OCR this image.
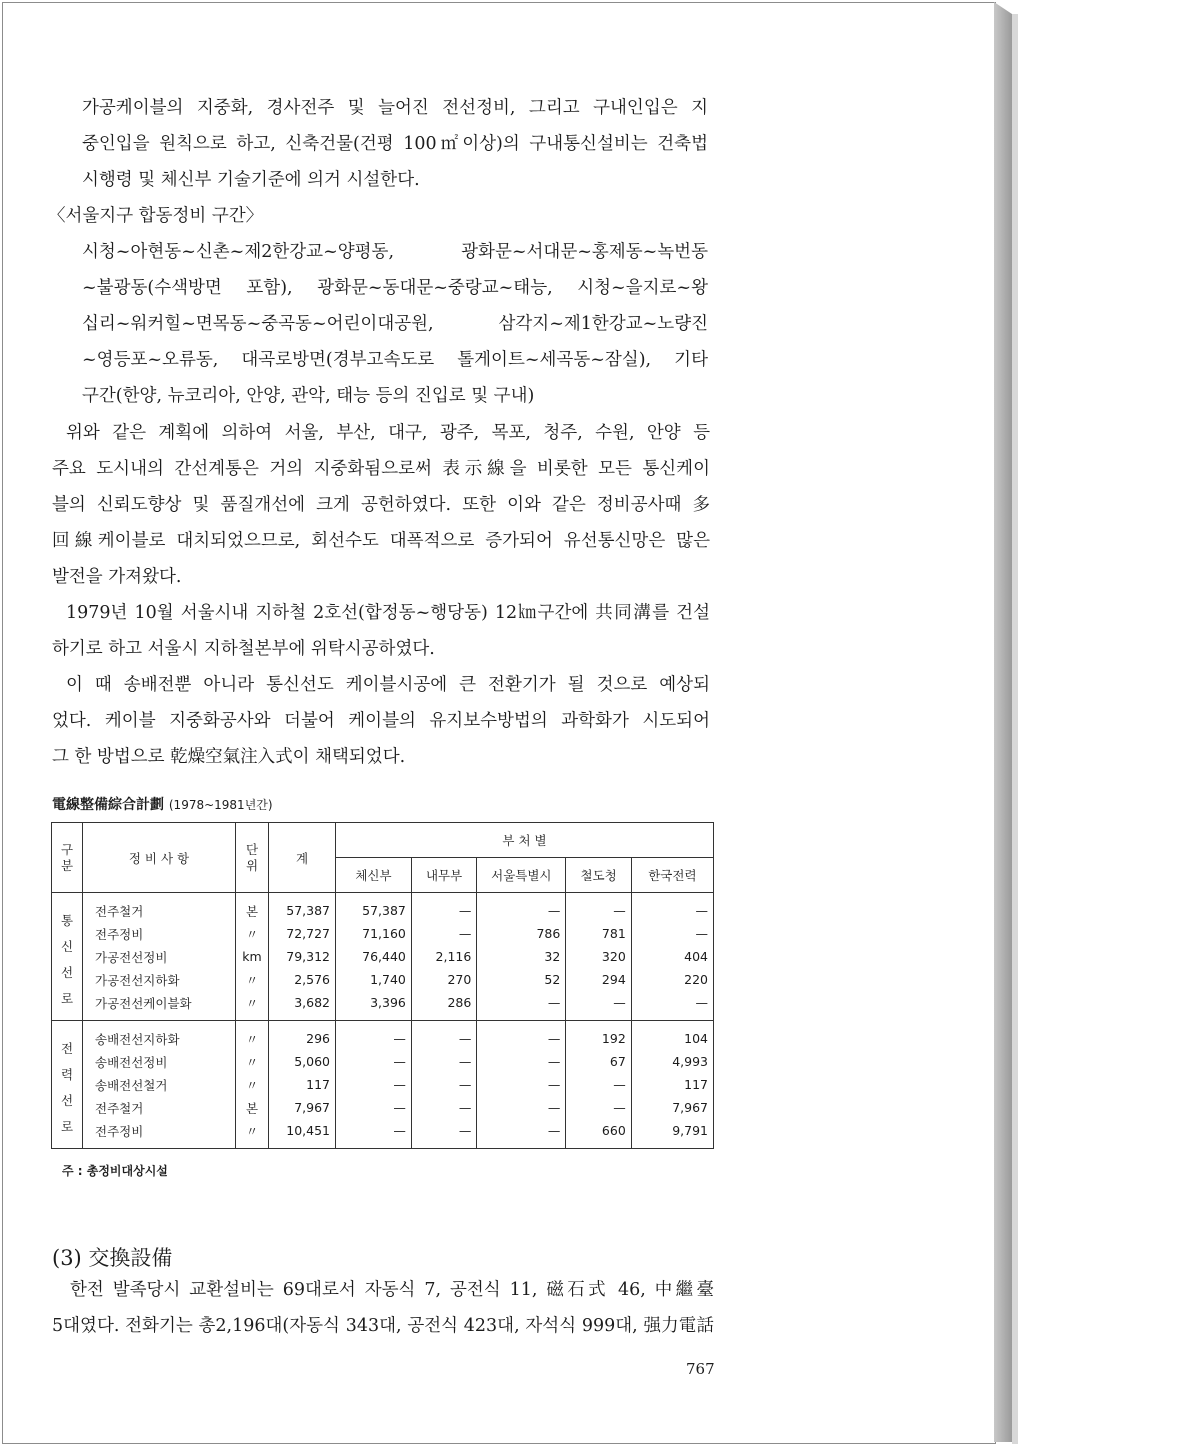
가공케이블의 지중화, 경사전주 및 늘어진 전선정비, 그리고 구내인입은 지
중인입을 원칙으로 하고, 신축건물(건평 100㎡이상)의 구내통신설비는 건축법
시행령 및 체신부 기술기준에 의거 시설한다.
〈서울지구 합동정비 구간〉
시청~아현동~신촌~제2한강교~양평동, 광화문~서대문~홍제동~녹번동
~불광동(수색방면 포함), 광화문~동대문~중랑교~태능, 시청~을지로~왕
십리~워커힐~면목동~중곡동~어린이대공원, 삼각지~제1한강교~노량진
~영등포~오류동, 대곡로방면(경부고속도로 톨게이트~세곡동~잠실), 기타
구간(한양, 뉴코리아, 안양, 관악, 태능 등의 진입로 및 구내)
위와 같은 계획에 의하여 서울, 부산, 대구, 광주, 목포, 청주, 수원, 안양 등
주요 도시내의 간선계통은 거의 지중화됨으로써 表示線을 비롯한 모든 통신케이
블의 신뢰도향상 및 품질개선에 크게 공헌하였다. 또한 이와 같은 정비공사때 多
回線케이블로 대치되었으므로, 회선수도 대폭적으로 증가되어 유선통신망은 많은
발전을 가져왔다.
1979년 10월 서울시내 지하철 2호선(합정동~행당동) 12㎞구간에 共同溝를 건설
하기로 하고 서울시 지하철본부에 위탁시공하였다.
이 때 송배전뿐 아니라 통신선도 케이블시공에 큰 전환기가 될 것으로 예상되
었다. 케이블 지중화공사와 더불어 케이블의 유지보수방법의 과학화가 시도되어
그 한 방법으로 乾燥空氣注入式이 채택되었다.
電線整備綜合計劃 (1978~1981년간)
구분	정 비 사 항	단위	계	부 처 별				
				체신부	내무부	서울특별시	철도청	한국전력
통신선로	전주철거	본	57,387	57,387	—	—	—	—
	전주정비	〃	72,727	71,160	—	786	781	—
	가공전선정비	km	79,312	76,440	2,116	32	320	404
	가공전선지하화	〃	2,576	1,740	270	52	294	220
	가공전선케이블화	〃	3,682	3,396	286	—	—	—
전력선로	송배전선지하화	〃	296	—	—	—	192	104
	송배전선정비	〃	5,060	—	—	—	67	4,993
	송배전선철거	〃	117	—	—	—	—	117
	전주철거	본	7,967	—	—	—	—	7,967
	전주정비	〃	10,451	—	—	—	660	9,791
주 : 총정비대상시설
(3) 交換設備
한전 발족당시 교환설비는 69대로서 자동식 7, 공전식 11, 磁石式 46, 中繼臺
5대였다. 전화기는 총2,196대(자동식 343대, 공전식 423대, 자석식 999대, 强力電話
767
